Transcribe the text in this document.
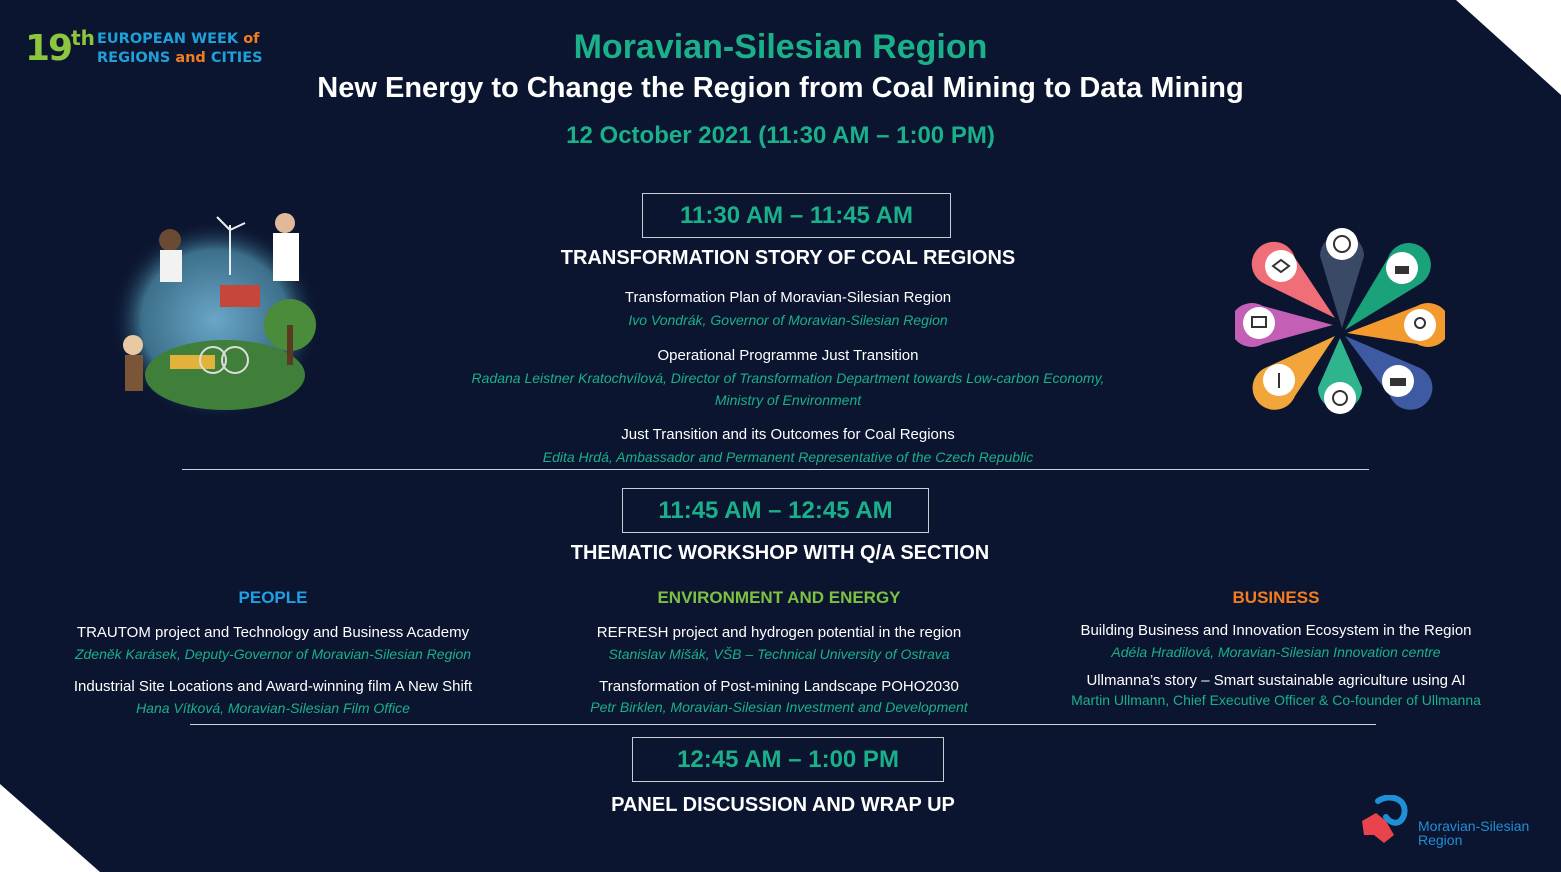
19th EUROPEAN WEEK of
REGIONS and CITIES	Moravian-Silesian Region
New Energy to Change the Region from Coal Mining to Data Mining
12 October 2021 (11:30 AM – 1:00 PM)
11:30 AM – 11:45 AM
TRANSFORMATION STORY OF COAL REGIONS
Transformation Plan of Moravian-Silesian Region
Ivo Vondrák, Governor of Moravian-Silesian Region
Operational Programme Just Transition
Radana Leistner Kratochvílová, Director of Transformation Department towards Low-carbon Economy,
Ministry of Environment
Just Transition and its Outcomes for Coal Regions
Edita Hrdá, Ambassador and Permanent Representative of the Czech Republic
11:45 AM – 12:45 AM
THEMATIC WORKSHOP WITH Q/A SECTION
PEOPLE
TRAUTOM project and Technology and Business Academy
Zdeněk Karásek, Deputy-Governor of Moravian-Silesian Region
Industrial Site Locations and Award-winning film A New Shift
Hana Vítková, Moravian-Silesian Film Office
ENVIRONMENT AND ENERGY
REFRESH project and hydrogen potential in the region
Stanislav Mišák, VŠB – Technical University of Ostrava
Transformation of Post-mining Landscape POHO2030
Petr Birklen, Moravian-Silesian Investment and Development
BUSINESS
Building Business and Innovation Ecosystem in the Region
Adéla Hradilová, Moravian-Silesian Innovation centre
Ullmanna’s story – Smart sustainable agriculture using AI
Martin Ullmann, Chief Executive Officer & Co-founder of Ullmanna
12:45 AM – 1:00 PM
PANEL DISCUSSION AND WRAP UP
Moravian-Silesian
Region
